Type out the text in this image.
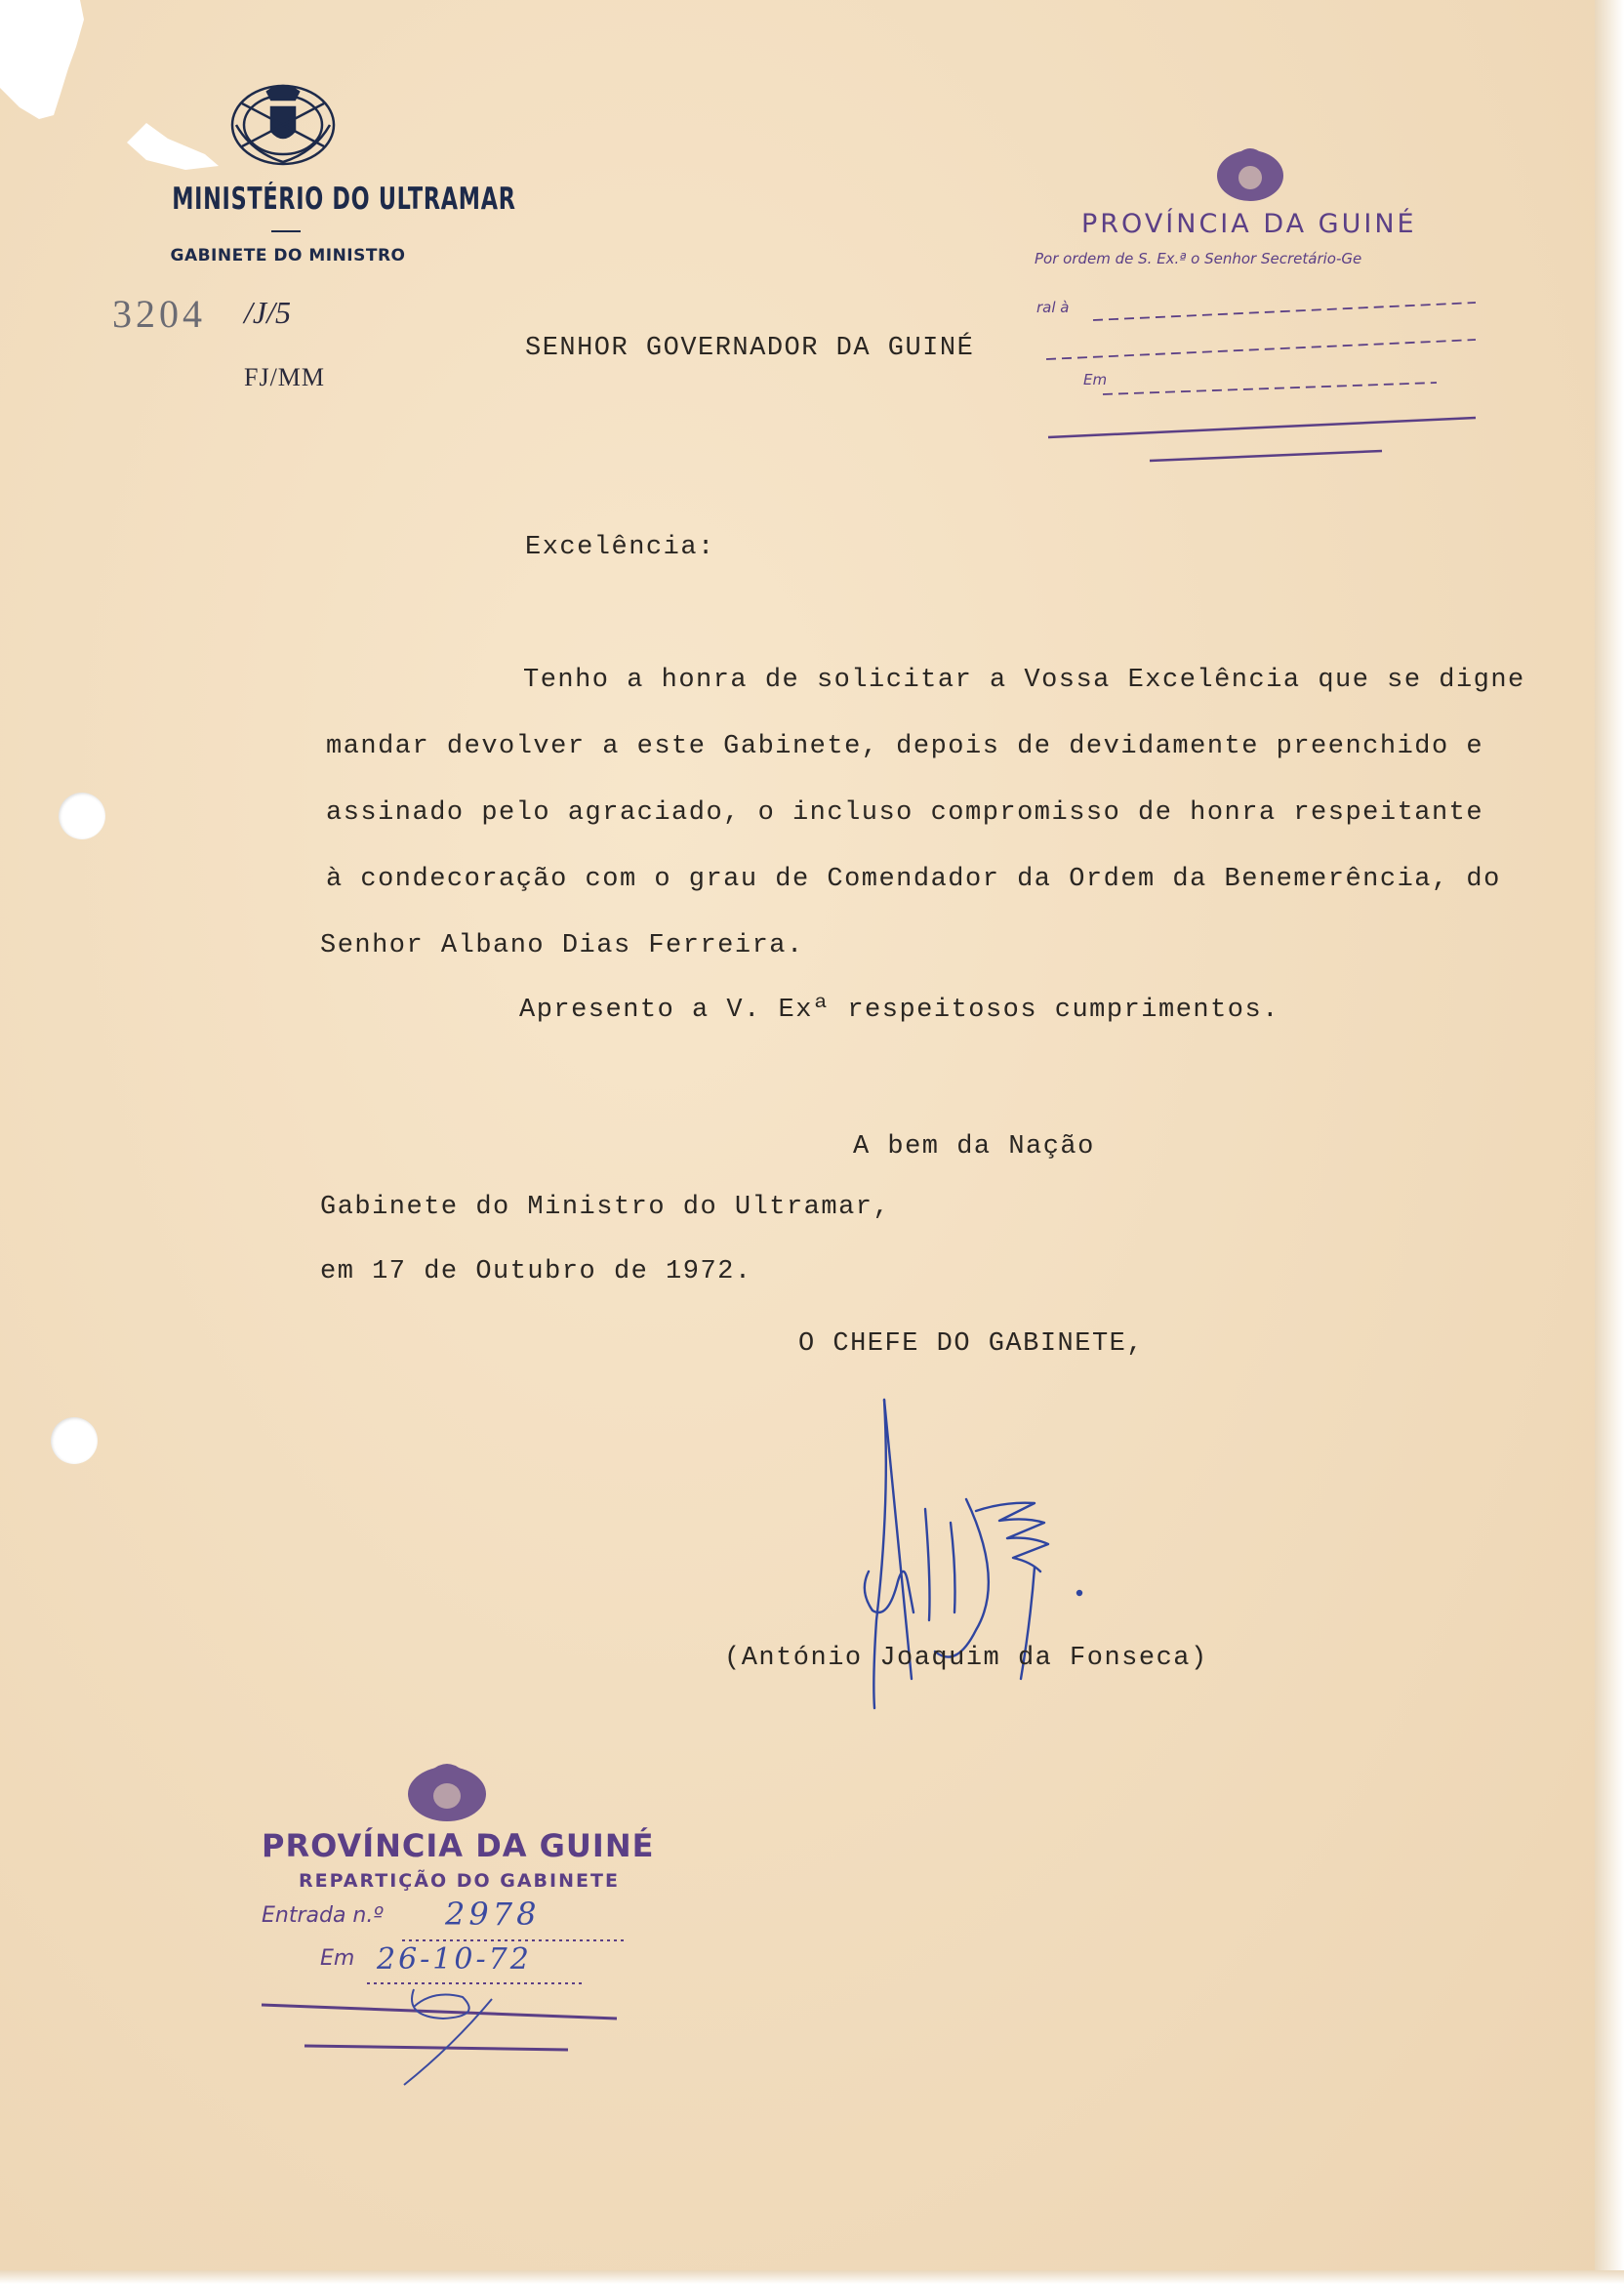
MINISTÉRIO DO ULTRAMAR
GABINETE DO MINISTRO
3204 /J/5
FJ/MM
SENHOR GOVERNADOR DA GUINÉ
PROVÍNCIA DA GUINÉ
Por ordem de S. Ex.ª o Senhor Secretário-Ge
ral à
Em
Excelência:
Tenho a honra de solicitar a Vossa Excelência que se digne
mandar devolver a este Gabinete, depois de devidamente preenchido e
assinado pelo agraciado, o incluso compromisso de honra respeitante
à condecoração com o grau de Comendador da Ordem da Benemerência, do
Senhor Albano Dias Ferreira.
Apresento a V. Exª respeitosos cumprimentos.
A bem da Nação
Gabinete do Ministro do Ultramar,
em 17 de Outubro de 1972.
O CHEFE DO GABINETE,
(António Joaquim da Fonseca)
PROVÍNCIA DA GUINÉ
REPARTIÇÃO DO GABINETE
Entrada n.º 2978
Em 26-10-72
